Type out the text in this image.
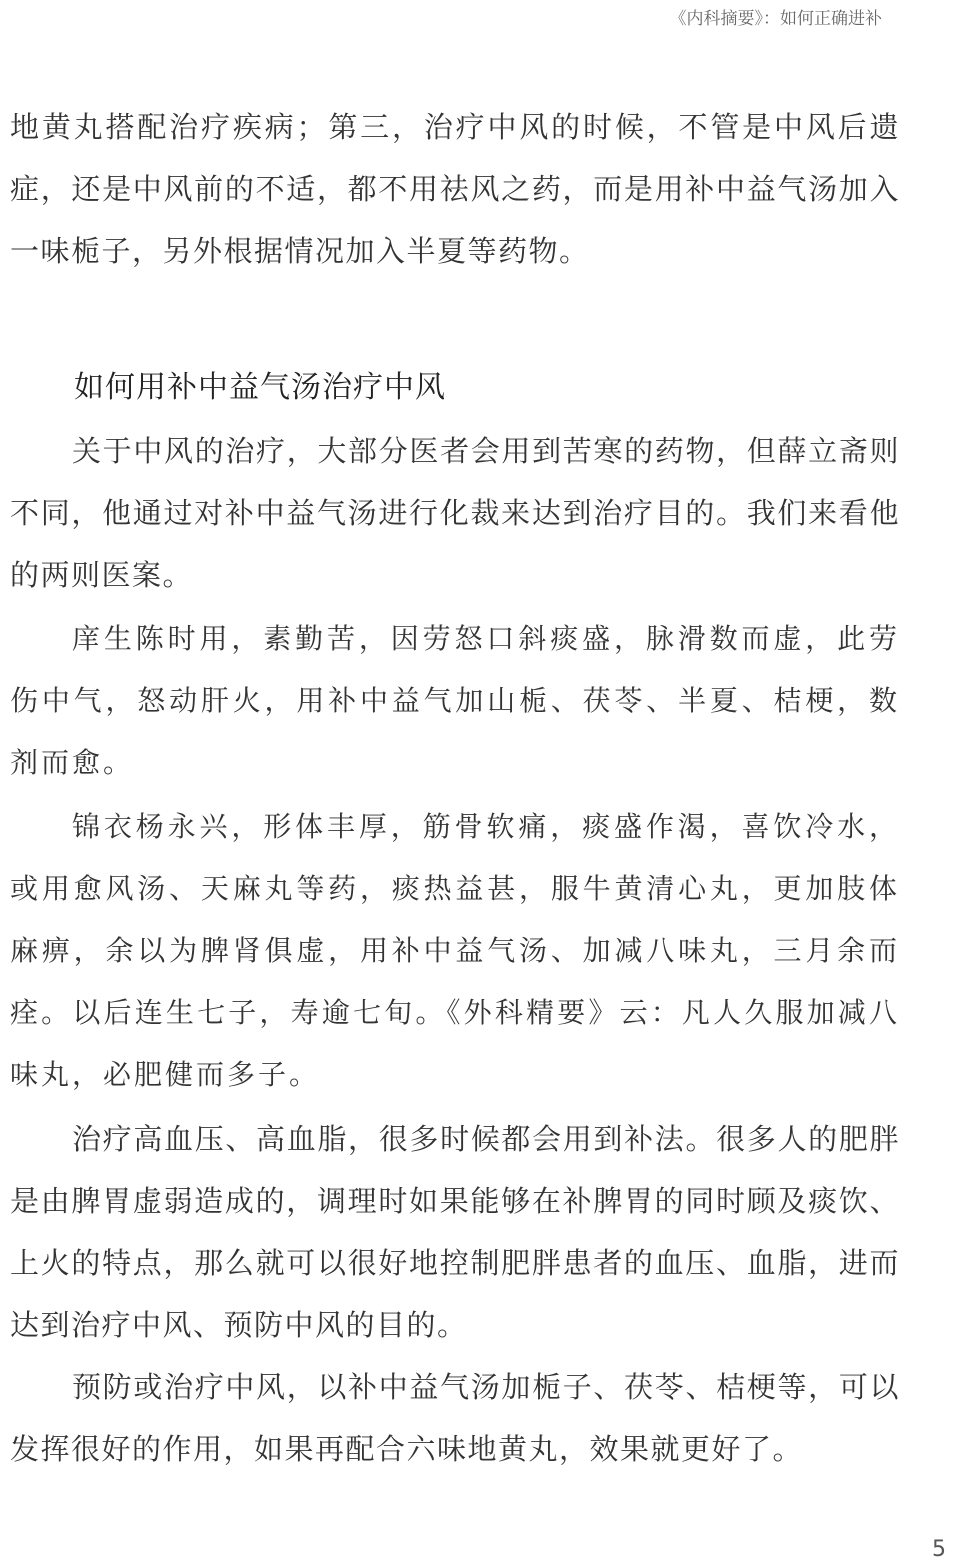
《内科摘要》：如何正确进补

地黄丸搭配治疗疾病；第三，治疗中风的时候，不管是中风后遗症，还是中风前的不适，都不用祛风之药，而是用补中益气汤加入一味栀子，另外根据情况加入半夏等药物。

如何用补中益气汤治疗中风

关于中风的治疗，大部分医者会用到苦寒的药物，但薛立斋则不同，他通过对补中益气汤进行化裁来达到治疗目的。我们来看他的两则医案。

庠生陈时用，素勤苦，因劳怒口斜痰盛，脉滑数而虚，此劳伤中气，怒动肝火，用补中益气加山栀、茯苓、半夏、桔梗，数剂而愈。

锦衣杨永兴，形体丰厚，筋骨软痛，痰盛作渴，喜饮冷水，或用愈风汤、天麻丸等药，痰热益甚，服牛黄清心丸，更加肢体麻痹，余以为脾肾俱虚，用补中益气汤、加减八味丸，三月余而痊。以后连生七子，寿逾七旬。《外科精要》云：凡人久服加减八味丸，必肥健而多子。

治疗高血压、高血脂，很多时候都会用到补法。很多人的肥胖是由脾胃虚弱造成的，调理时如果能够在补脾胃的同时顾及痰饮、上火的特点，那么就可以很好地控制肥胖患者的血压、血脂，进而达到治疗中风、预防中风的目的。

预防或治疗中风，以补中益气汤加栀子、茯苓、桔梗等，可以发挥很好的作用，如果再配合六味地黄丸，效果就更好了。

5
